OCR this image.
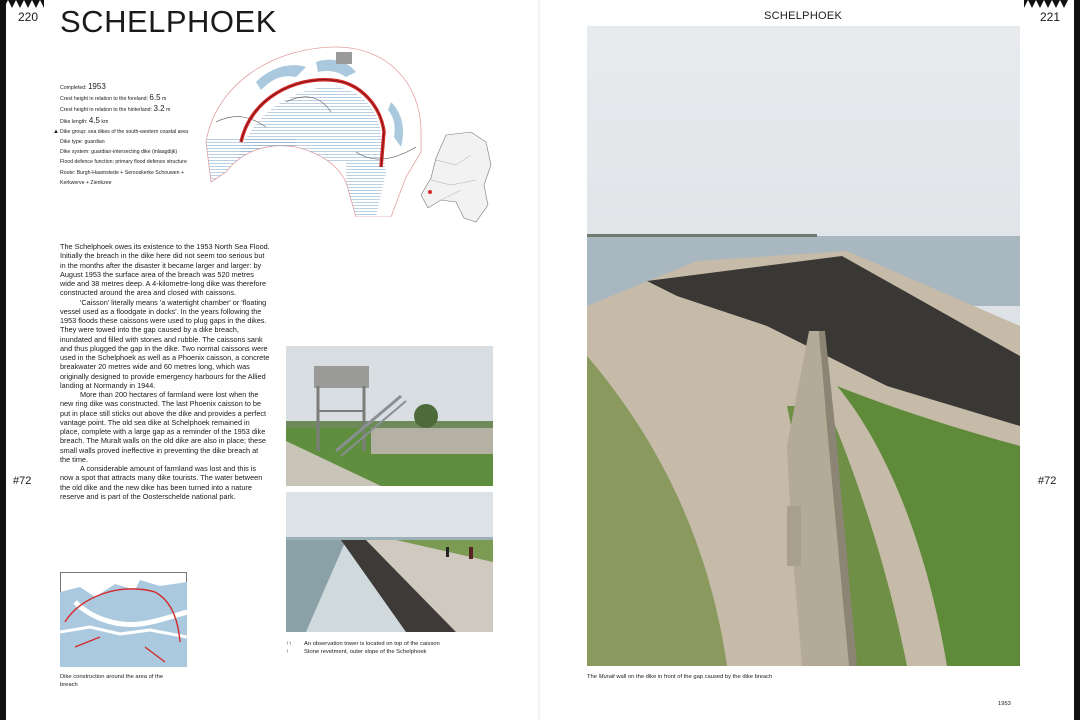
220
#72
SCHELPHOEK
Completed: 1953
Crest height in relation to the foreland: 6.5 m
Crest height in relation to the hinterland: 3.2 m
Dike length: 4.5 km
▲ Dike group: sea dikes of the south-western coastal area
Dike type: guardian
Dike system: guardian-intersecting dike (inlaagdijk)
Flood defence function: primary flood defence structure
Route: Burgh-Haamstede + Serooskerke Schouwen +
Kerkwerve + Zierikzee

The Schelphoek owes its existence to the 1953 North Sea Flood. Initially the breach in the dike here did not seem too serious but in the months after the disaster it became larger and larger: by August 1953 the surface area of the breach was 520 metres wide and 38 metres deep. A 4-kilometre-long dike was therefore constructed around the area and closed with caissons.

'Caisson' literally means 'a watertight chamber' or 'floating vessel used as a floodgate in docks'. In the years following the 1953 floods these caissons were used to plug gaps in the dikes. They were towed into the gap caused by a dike breach, inundated and filled with stones and rubble. The caissons sank and thus plugged the gap in the dike. Two normal caissons were used in the Schelphoek as well as a Phoenix caisson, a concrete breakwater 20 metres wide and 60 metres long, which was originally designed to provide emergency harbours for the Allied landing at Normandy in 1944.

More than 200 hectares of farmland were lost when the new ring dike was constructed. The last Phoenix caisson to be put in place still sticks out above the dike and provides a perfect vantage point. The old sea dike at Schelphoek remained in place, complete with a large gap as a reminder of the 1953 dike breach. The Muralt walls on the old dike are also in place; these small walls proved ineffective in preventing the dike breach at the time.

A considerable amount of farmland was lost and this is now a spot that attracts many dike tourists. The water between the old dike and the new dike has been turned into a nature reserve and is part of the Oosterschelde national park.

Dike construction around the area of the breach
↑↑ An observation tower is located on top of the caisson
↑	Stone revetment, outer slope of the Schelphoek
SCHELPHOEK	221
#72
The Muralt wall on the dike in front of the gap caused by the dike breach
1953
